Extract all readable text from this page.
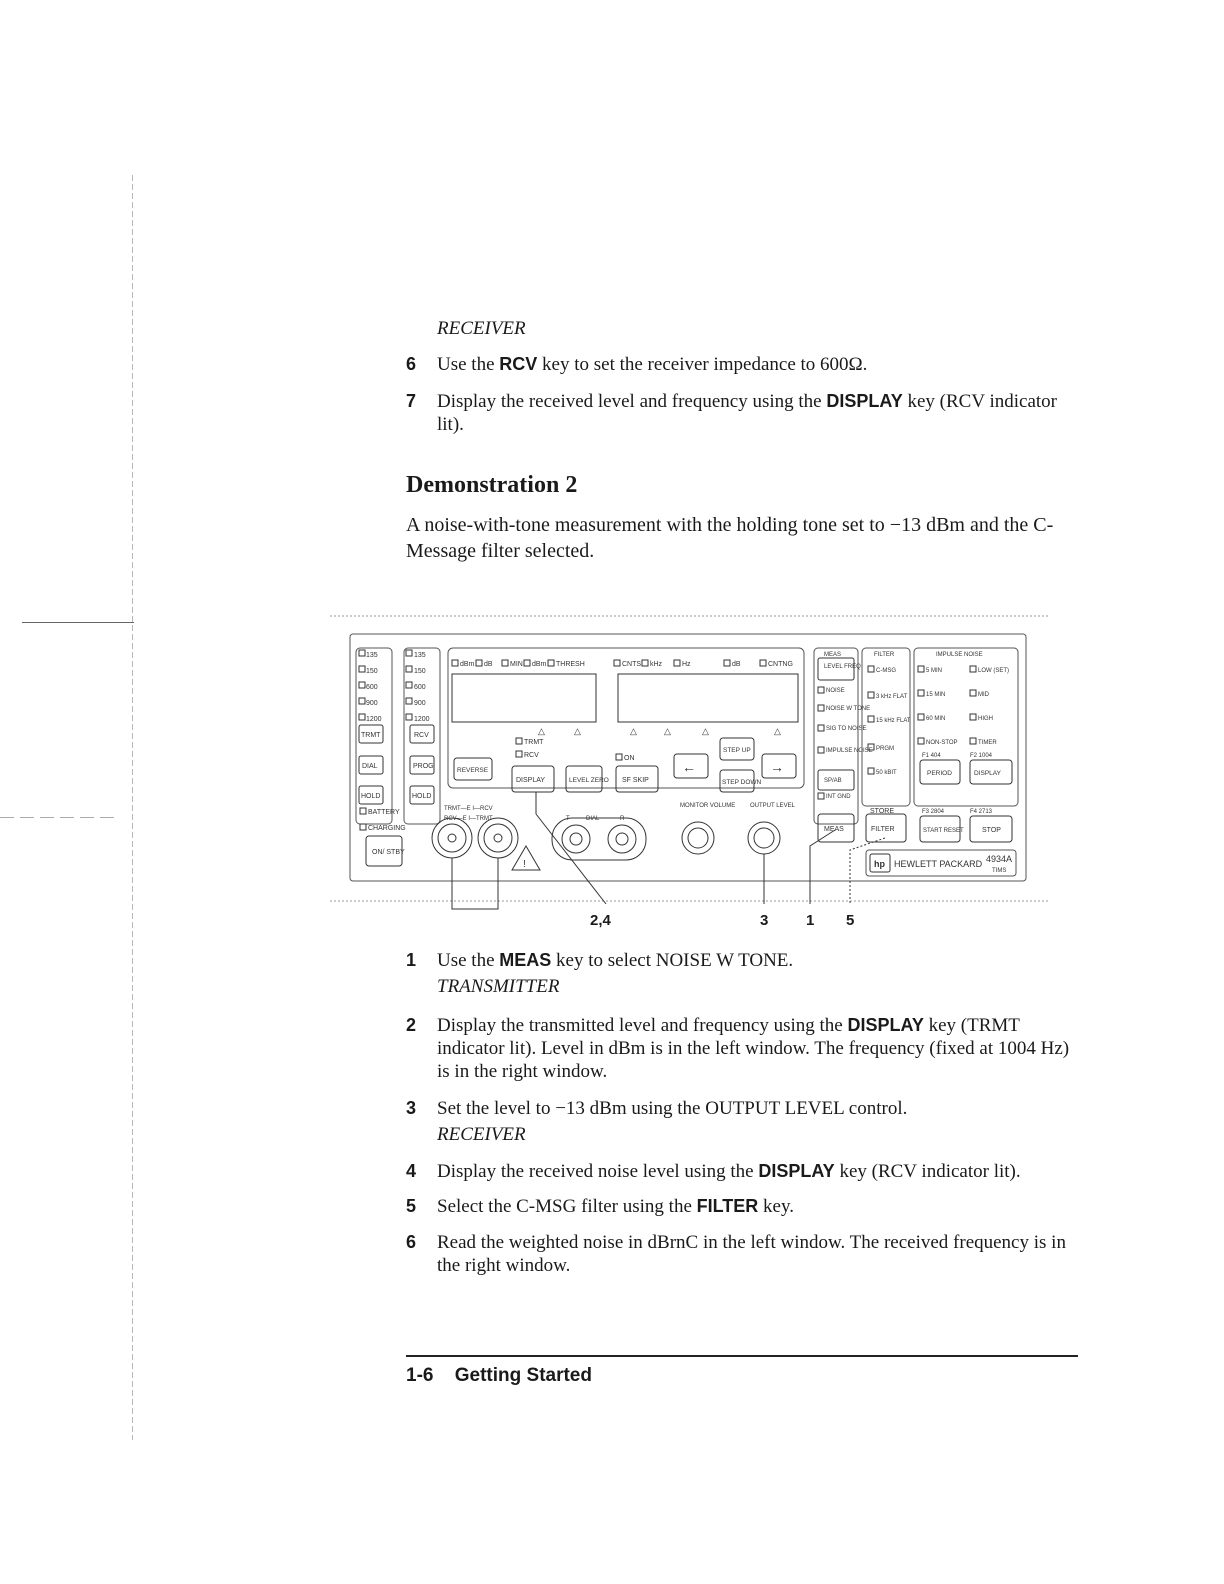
RECEIVER
6 Use the RCV key to set the receiver impedance to 600Ω.
7 Display the received level and frequency using the DISPLAY key (RCV indicator lit).
Demonstration 2
A noise-with-tone measurement with the holding tone set to −13 dBm and the C-Message filter selected.
135
150
600
900
1200
135
150
600
900
1200
TRMT	RCV
DIAL	PROG
HOLD	HOLD
BATTERY
CHARGING
ON/ STBY
dBm dB MIN dBm THRESH	CNTS kHz	Hz	dB	CNTNG
△	△	△	△	△	△
TRMT
RCV	ON
REVERSE
DISPLAY	LEVEL ZERO SF SKIP
←
STEP UP
STEP DOWN
→
TRMT—E I—RCV
RCV—E I—TRMT
!
T	DIAL	R
MONITOR VOLUME OUTPUT LEVEL
MEAS
LEVEL FREQ
NOISE
NOISE W TONE
SIG TO NOISE
IMPULSE NOISE
INT GND
SP/AB
MEAS
FILTER
C-MSG
3 kHz FLAT
15 kHz FLAT
PRGM
50 kBIT
STORE
FILTER
IMPULSE NOISE
5 MIN	LOW (SET)
15 MIN	MID
60 MIN	HIGH
NON-STOP	TIMER
F1 404	F2 1004
PERIOD	DISPLAY
F3 2804	F4 2713
START RESET	STOP
hp HEWLETT PACKARD 4934A
TIMS
2,4	3	1 5
1 Use the MEAS key to select NOISE W TONE.
TRANSMITTER
2 Display the transmitted level and frequency using the DISPLAY key (TRMT indicator lit). Level in dBm is in the left window. The frequency (fixed at 1004 Hz) is in the right window.
3 Set the level to −13 dBm using the OUTPUT LEVEL control.
RECEIVER
4 Display the received noise level using the DISPLAY key (RCV indicator lit).
5 Select the C-MSG filter using the FILTER key.
6 Read the weighted noise in dBrnC in the left window. The received frequency is in the right window.
1-6 Getting Started
